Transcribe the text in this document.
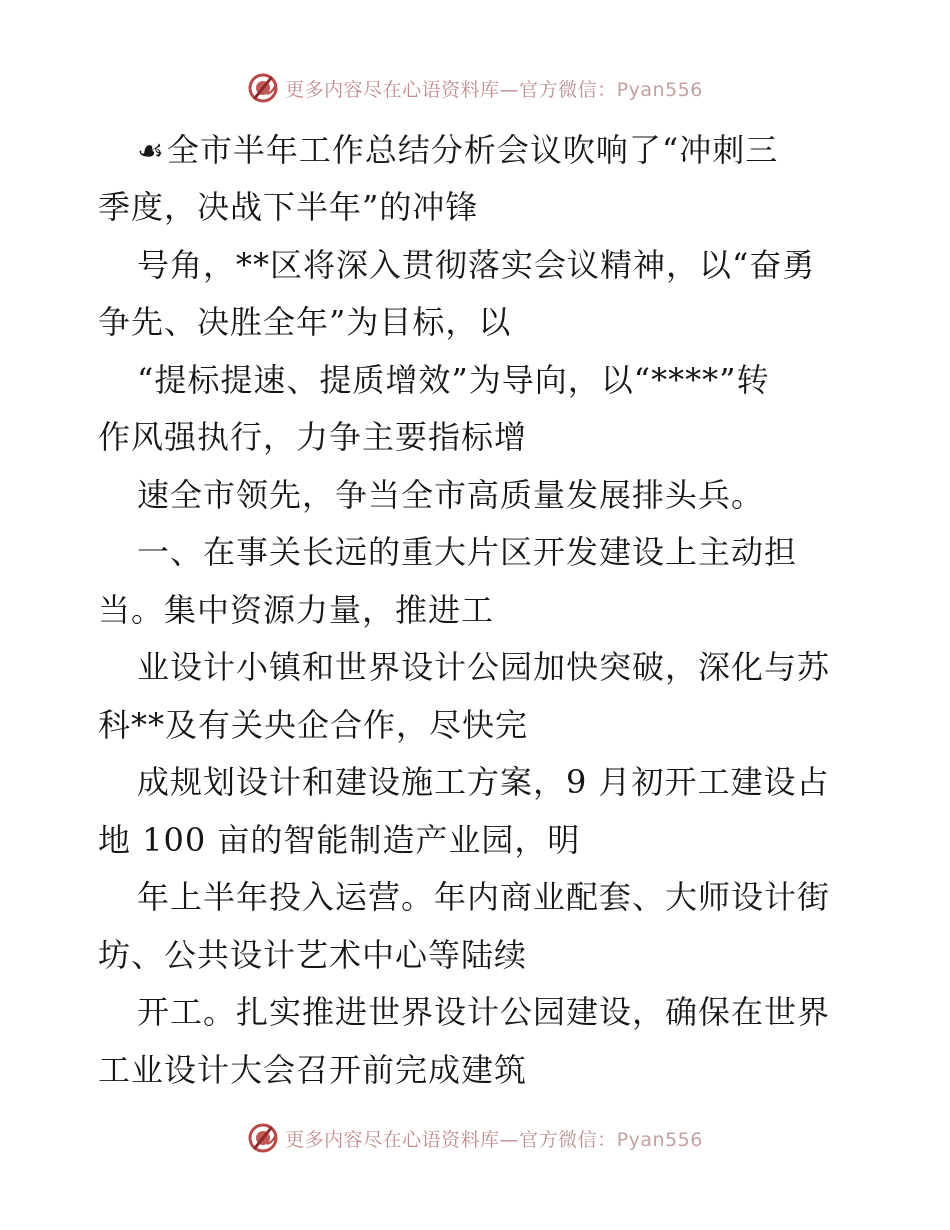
更多内容尽在心语资料库—官方微信：Pyan556
☙全市半年工作总结分析会议吹响了“冲刺三
季度，决战下半年”的冲锋
号角，**区将深入贯彻落实会议精神，以“奋勇
争先、决胜全年”为目标，以
“提标提速、提质增效”为导向，以“****”转
作风强执行，力争主要指标增
速全市领先，争当全市高质量发展排头兵。
一、在事关长远的重大片区开发建设上主动担
当。集中资源力量，推进工
业设计小镇和世界设计公园加快突破，深化与苏
科**及有关央企合作，尽快完
成规划设计和建设施工方案，9 月初开工建设占
地 100 亩的智能制造产业园，明
年上半年投入运营。年内商业配套、大师设计街
坊、公共设计艺术中心等陆续
开工。扎实推进世界设计公园建设，确保在世界
工业设计大会召开前完成建筑
更多内容尽在心语资料库—官方微信：Pyan556
